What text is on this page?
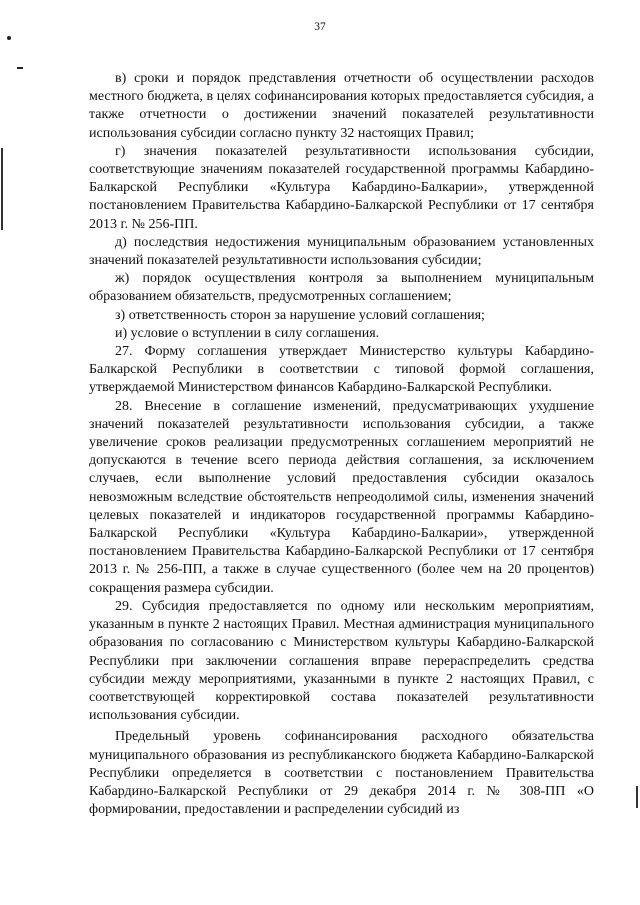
37

в) сроки и порядок представления отчетности об осуществлении расходов местного бюджета, в целях софинансирования которых предоставляется субсидия, а также отчетности о достижении значений показателей результативности использования субсидии согласно пункту 32 настоящих Правил;

г) значения показателей результативности использования субсидии, соответствующие значениям показателей государственной программы Кабардино-Балкарской Республики «Культура Кабардино-Балкарии», утвержденной постановлением Правительства Кабардино-Балкарской Республики от 17 сентября 2013 г. № 256-ПП.

д) последствия недостижения муниципальным образованием установленных значений показателей результативности использования субсидии;

ж) порядок осуществления контроля за выполнением муниципальным образованием обязательств, предусмотренных соглашением;

з) ответственность сторон за нарушение условий соглашения;

и) условие о вступлении в силу соглашения.

27. Форму соглашения утверждает Министерство культуры Кабардино-Балкарской Республики в соответствии с типовой формой соглашения, утверждаемой Министерством финансов Кабардино-Балкарской Республики.

28. Внесение в соглашение изменений, предусматривающих ухудшение значений показателей результативности использования субсидии, а также увеличение сроков реализации предусмотренных соглашением мероприятий не допускаются в течение всего периода действия соглашения, за исключением случаев, если выполнение условий предоставления субсидии оказалось невозможным вследствие обстоятельств непреодолимой силы, изменения значений целевых показателей и индикаторов государственной программы Кабардино-Балкарской Республики «Культура Кабардино-Балкарии», утвержденной постановлением Правительства Кабардино-Балкарской Республики от 17 сентября 2013 г. № 256-ПП, а также в случае существенного (более чем на 20 процентов) сокращения размера субсидии.

29. Субсидия предоставляется по одному или нескольким мероприятиям, указанным в пункте 2 настоящих Правил. Местная администрация муниципального образования по согласованию с Министерством культуры Кабардино-Балкарской Республики при заключении соглашения вправе перераспределить средства субсидии между мероприятиями, указанными в пункте 2 настоящих Правил, с соответствующей корректировкой состава показателей результативности использования субсидии.

Предельный уровень софинансирования расходного обязательства муниципального образования из республиканского бюджета Кабардино-Балкарской Республики определяется в соответствии с постановлением Правительства Кабардино-Балкарской Республики от 29 декабря 2014 г. № 308-ПП «О формировании, предоставлении и распределении субсидий из
